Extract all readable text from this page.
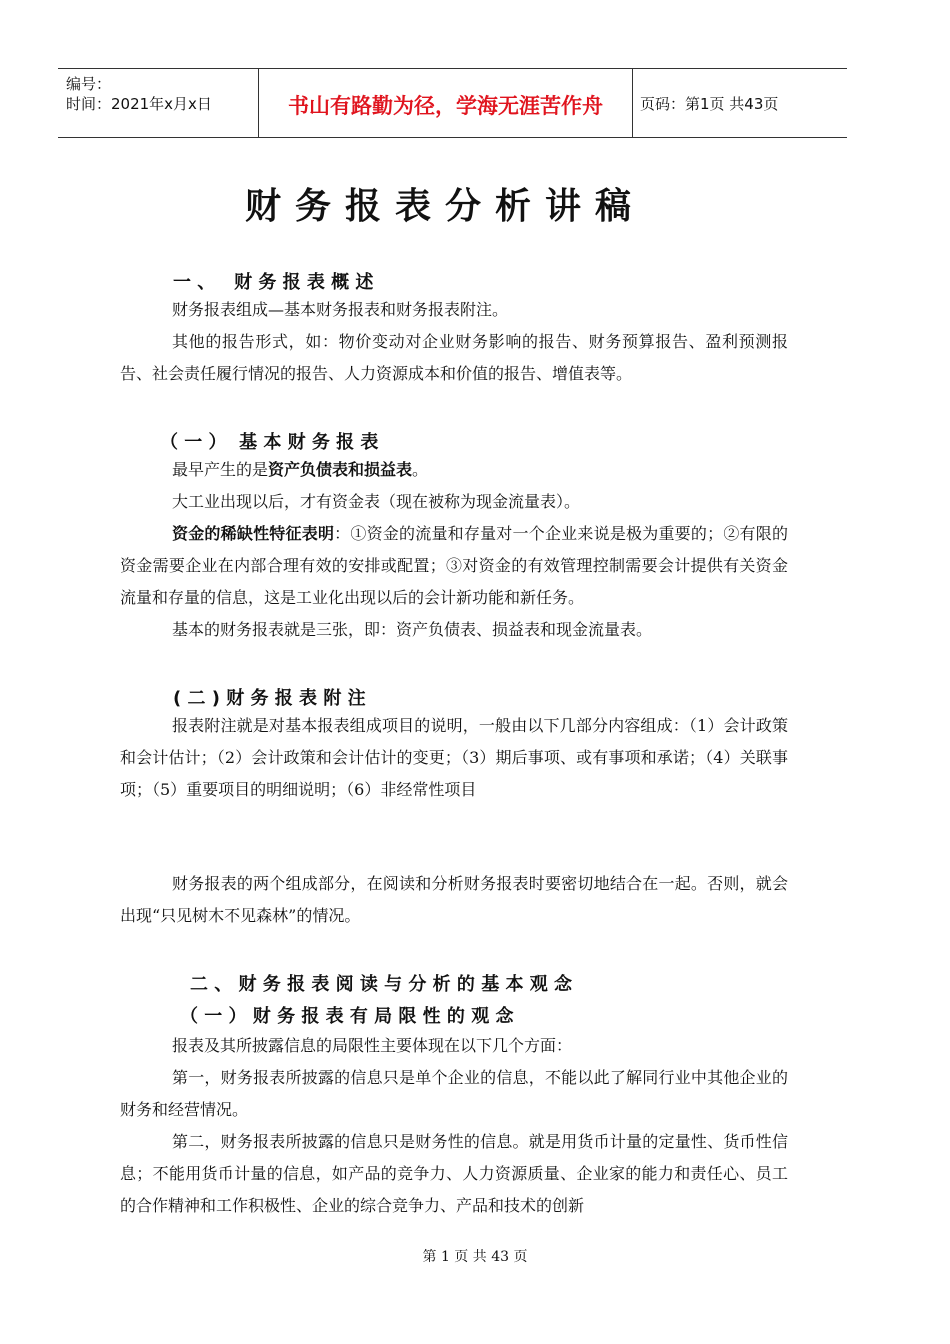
编号：
时间：2021年x月x日	书山有路勤为径，学海无涯苦作舟	页码：第1页 共43页
财务报表分析讲稿
一 、   财 务 报 表 概 述
财务报表组成—基本财务报表和财务报表附注。
其他的报告形式，如：物价变动对企业财务影响的报告、财务预算报告、盈利预测报告、社会责任履行情况的报告、人力资源成本和价值的报告、增值表等。
（ 一 ）  基 本 财 务 报 表
最早产生的是资产负债表和损益表。
大工业出现以后，才有资金表（现在被称为现金流量表）。
资金的稀缺性特征表明：①资金的流量和存量对一个企业来说是极为重要的；②有限的资金需要企业在内部合理有效的安排或配置；③对资金的有效管理控制需要会计提供有关资金流量和存量的信息，这是工业化出现以后的会计新功能和新任务。
基本的财务报表就是三张，即：资产负债表、损益表和现金流量表。
( 二 ) 财 务 报 表 附 注
报表附注就是对基本报表组成项目的说明，一般由以下几部分内容组成：（1）会计政策和会计估计；（2）会计政策和会计估计的变更；（3）期后事项、或有事项和承诺；（4）关联事项；（5）重要项目的明细说明；（6）非经常性项目
财务报表的两个组成部分，在阅读和分析财务报表时要密切地结合在一起。否则，就会出现“只见树木不见森林”的情况。
二 、 财 务 报 表 阅 读 与 分 析 的 基 本 观 念
（ 一 ） 财 务 报 表 有 局 限 性 的 观 念
报表及其所披露信息的局限性主要体现在以下几个方面：
第一，财务报表所披露的信息只是单个企业的信息，不能以此了解同行业中其他企业的财务和经营情况。
第二，财务报表所披露的信息只是财务性的信息。就是用货币计量的定量性、货币性信息；不能用货币计量的信息，如产品的竞争力、人力资源质量、企业家的能力和责任心、员工的合作精神和工作积极性、企业的综合竞争力、产品和技术的创新
第 1 页 共 43 页
